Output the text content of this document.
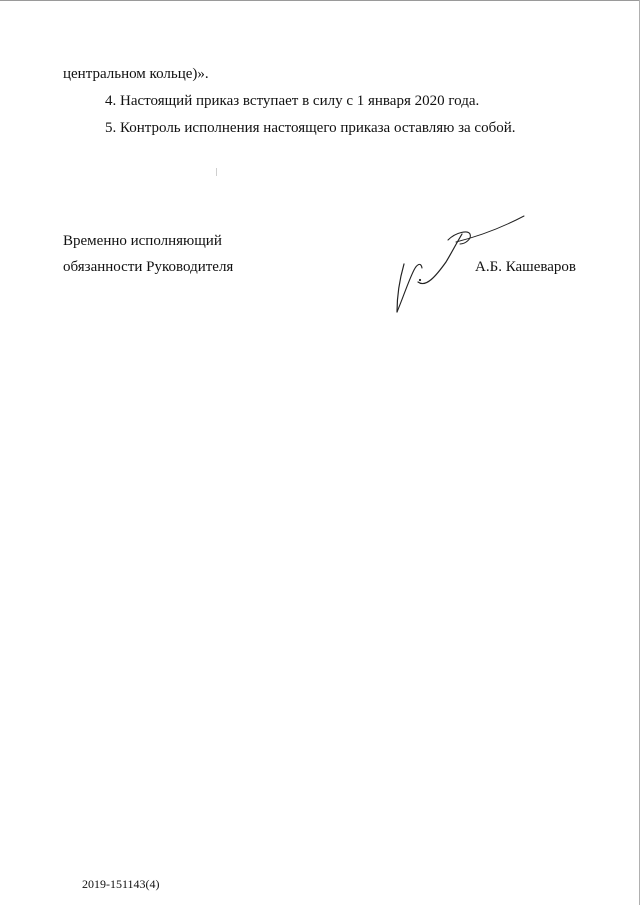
центральном кольце)».
4. Настоящий приказ вступает в силу с 1 января 2020 года.
5. Контроль исполнения настоящего приказа оставляю за собой.
Временно исполняющий
обязанности Руководителя	А.Б. Кашеваров
2019-151143(4)
